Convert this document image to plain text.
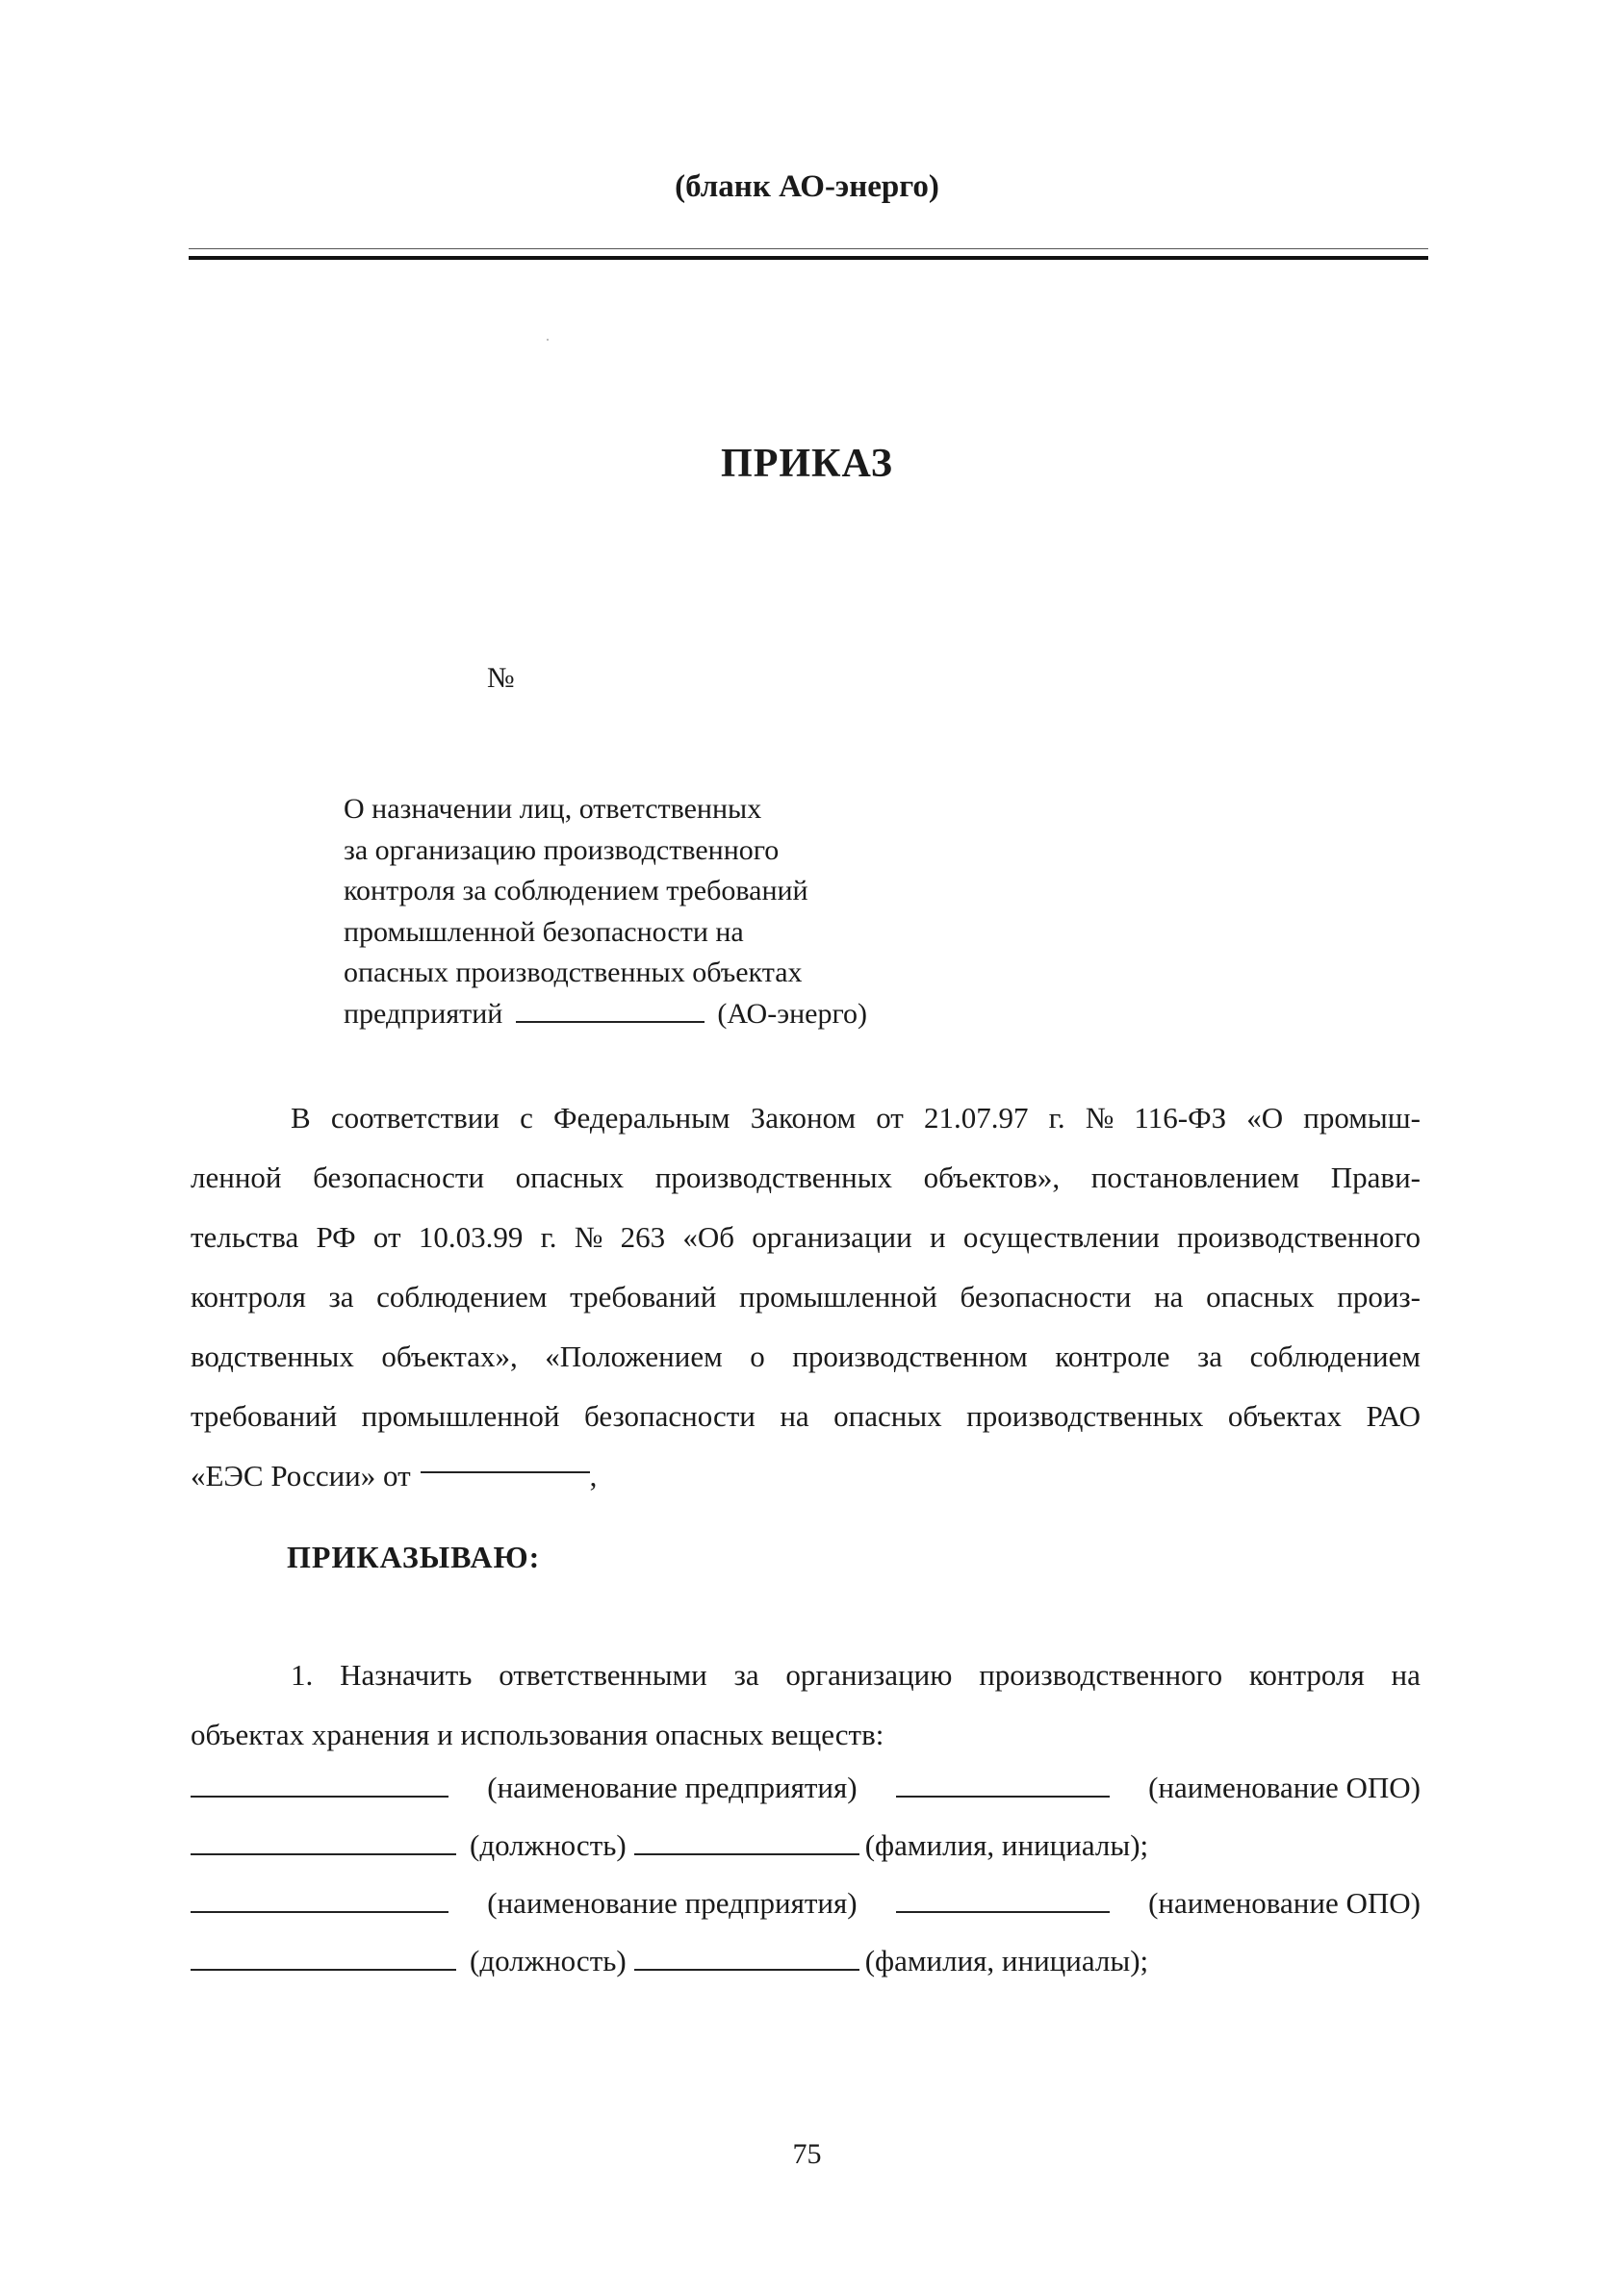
(бланк АО-энерго)
ПРИКАЗ
№
О назначении лиц, ответственных
за организацию производственного
контроля за соблюдением требований
промышленной безопасности на
опасных производственных объектах
предприятий	(АО-энерго)
В соответствии с Федеральным Законом от 21.07.97 г. № 116-ФЗ «О промыш-
ленной безопасности опасных производственных объектов», постановлением Прави-
тельства РФ от 10.03.99 г. № 263 «Об организации и осуществлении производственного
контроля за соблюдением требований промышленной безопасности на опасных произ-
водственных объектах», «Положением о производственном контроле за соблюдением
требований промышленной безопасности на опасных производственных объектах РАО
«ЕЭС России» от	,
ПРИКАЗЫВАЮ:
1. Назначить ответственными за организацию производственного контроля на
объектах хранения и использования опасных веществ:
(наименование предприятия)	(наименование ОПО)
(должность)	(фамилия, инициалы);
(наименование предприятия)	(наименование ОПО)
(должность)	(фамилия, инициалы);
75
